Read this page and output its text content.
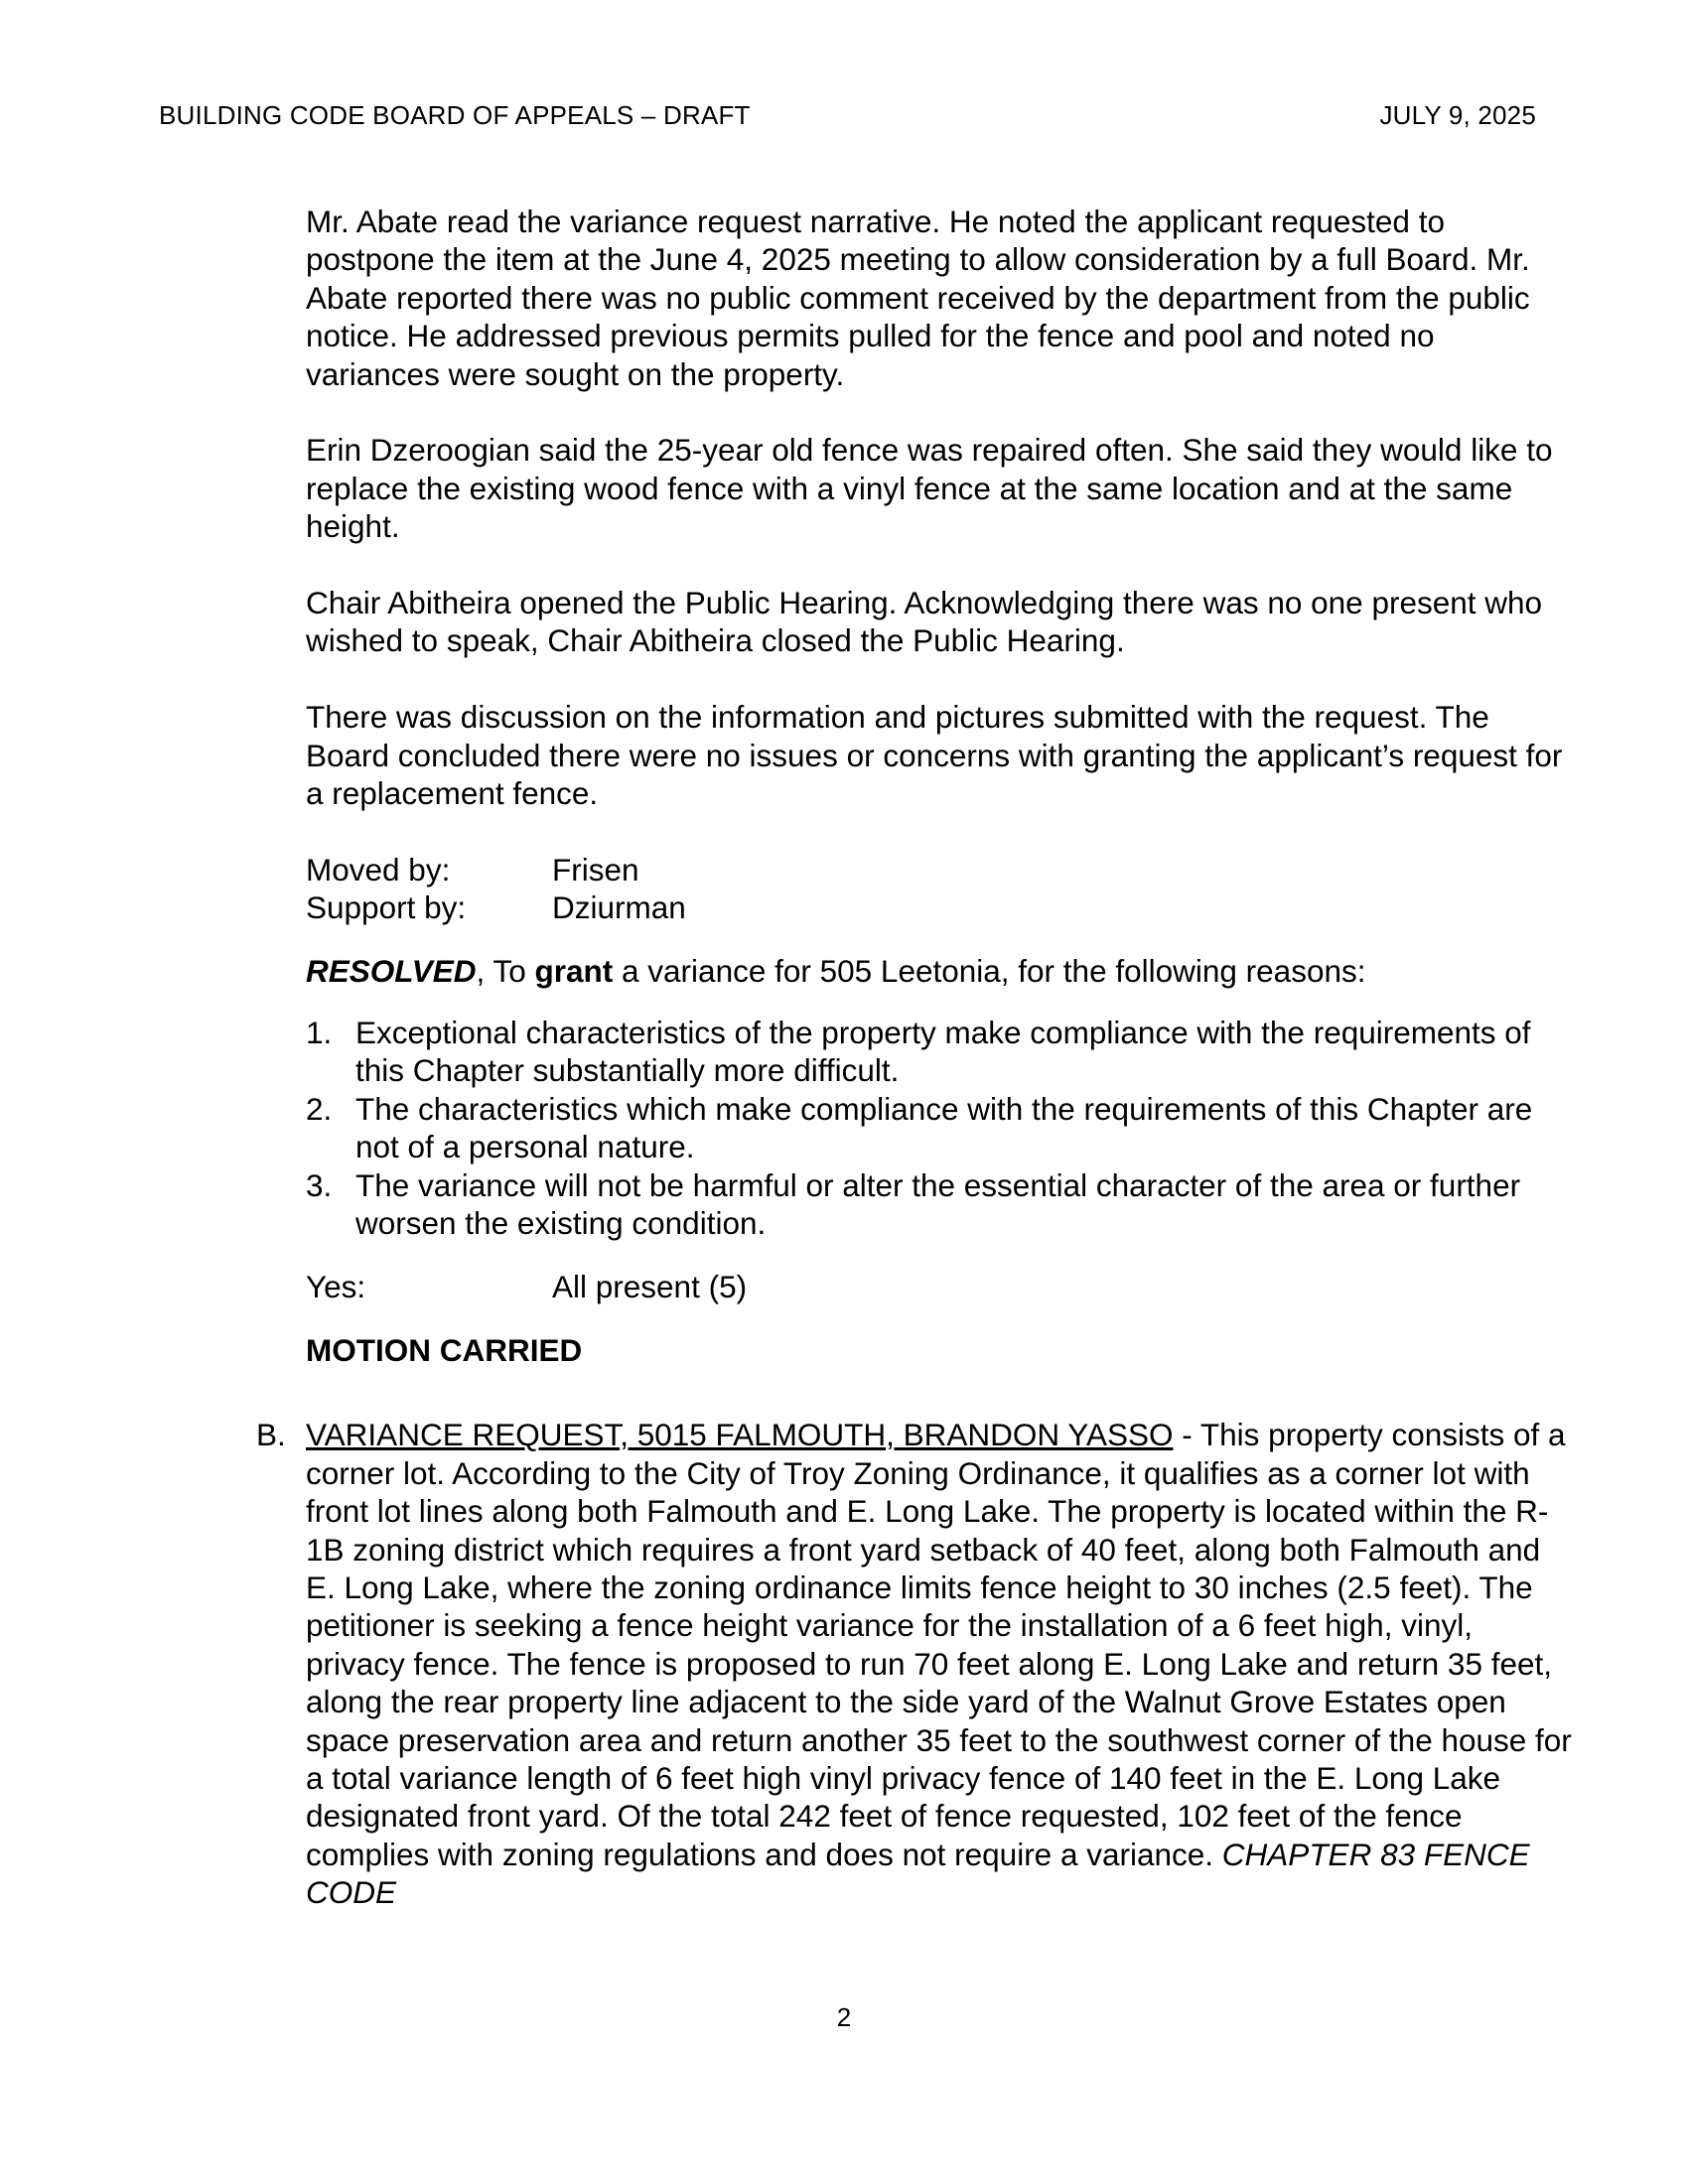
BUILDING CODE BOARD OF APPEALS – DRAFT	JULY 9, 2025

Mr. Abate read the variance request narrative. He noted the applicant requested to postpone the item at the June 4, 2025 meeting to allow consideration by a full Board. Mr. Abate reported there was no public comment received by the department from the public notice. He addressed previous permits pulled for the fence and pool and noted no variances were sought on the property.

Erin Dzeroogian said the 25-year old fence was repaired often. She said they would like to replace the existing wood fence with a vinyl fence at the same location and at the same height.

Chair Abitheira opened the Public Hearing. Acknowledging there was no one present who wished to speak, Chair Abitheira closed the Public Hearing.

There was discussion on the information and pictures submitted with the request. The Board concluded there were no issues or concerns with granting the applicant’s request for a replacement fence.

Moved by:	Frisen
Support by:	Dziurman
RESOLVED, To grant a variance for 505 Leetonia, for the following reasons:
1. Exceptional characteristics of the property make compliance with the requirements of this Chapter substantially more difficult.
2. The characteristics which make compliance with the requirements of this Chapter are not of a personal nature.
3. The variance will not be harmful or alter the essential character of the area or further worsen the existing condition.
Yes:	All present (5)
MOTION CARRIED
B. VARIANCE REQUEST, 5015 FALMOUTH, BRANDON YASSO - This property consists of a corner lot. According to the City of Troy Zoning Ordinance, it qualifies as a corner lot with front lot lines along both Falmouth and E. Long Lake. The property is located within the R-1B zoning district which requires a front yard setback of 40 feet, along both Falmouth and E. Long Lake, where the zoning ordinance limits fence height to 30 inches (2.5 feet). The petitioner is seeking a fence height variance for the installation of a 6 feet high, vinyl, privacy fence. The fence is proposed to run 70 feet along E. Long Lake and return 35 feet, along the rear property line adjacent to the side yard of the Walnut Grove Estates open space preservation area and return another 35 feet to the southwest corner of the house for a total variance length of 6 feet high vinyl privacy fence of 140 feet in the E. Long Lake designated front yard. Of the total 242 feet of fence requested, 102 feet of the fence complies with zoning regulations and does not require a variance. CHAPTER 83 FENCE CODE
2
